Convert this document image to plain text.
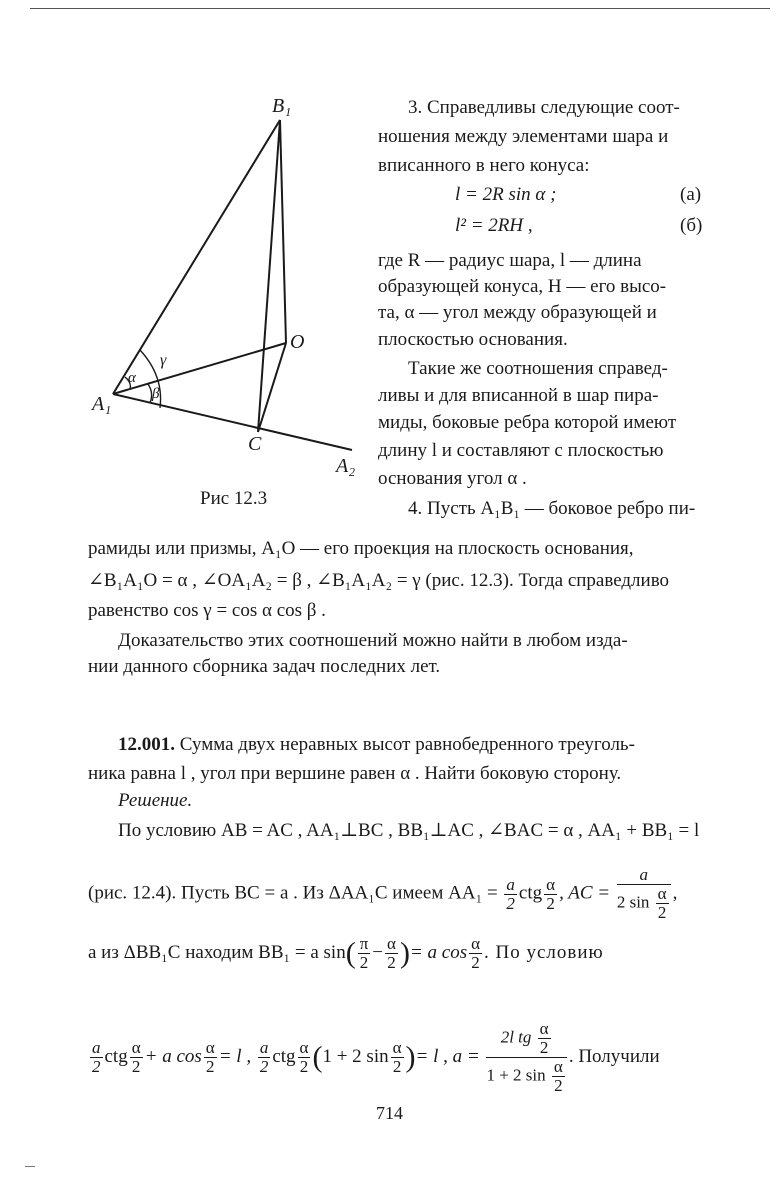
B₁
A₁
O
C
A₂
α
β
γ
Рис 12.3
3. Справедливы следующие соот-
ношения между элементами шара и
вписанного в него конуса:
l = 2R sin α ;	(а)
l² = 2RH ,	(б)
где R — радиус шара, l — длина
образующей конуса, H — его высо-
та, α — угол между образующей и
плоскостью основания.
Такие же соотношения справед-
ливы и для вписанной в шар пира-
миды, боковые ребра которой имеют
длину l и составляют с плоскостью
основания угол α .
4. Пусть A₁B₁ — боковое ребро пи-
рамиды или призмы, A₁O — его проекция на плоскость основания,
∠B₁A₁O = α , ∠OA₁A₂ = β , ∠B₁A₁A₂ = γ (рис. 12.3). Тогда справедливо
равенство cos γ = cos α cos β .
Доказательство этих соотношений можно найти в любом изда-
нии данного сборника задач последних лет.
12.001. Сумма двух неравных высот равнобедренного треуголь-
ника равна l , угол при вершине равен α . Найти боковую сторону.
Решение.
По условию AB = AC , AA₁⊥BC , BB₁⊥AC , ∠BAC = α , AA₁ + BB₁ = l
(рис. 12.4). Пусть BC = a . Из ΔAA₁C имеем $AA_1 = \frac{a}{2}$ ctg $\frac{\alpha}{2}$ , AC = $\frac{a}{2 \sin \frac{\alpha}{2}}$ ,
а из ΔBB₁C находим BB₁ = a $\sin( \frac{\pi}{2} - \frac{\alpha}{2}$ )= a $\cos \frac{\alpha}{2}$ . По условию
$\frac{a}{2}$ ctg $\frac{\alpha}{2} + a$ $\cos \frac{\alpha}{2} = l$ , $\frac{a}{2}$ ctg $\frac{\alpha}{2} (1 + 2$ $\sin \frac{\alpha}{2}$ )= l , $a = \frac{2l tg \frac{\alpha}{2}}{1 + 2 \sin \frac{\alpha}{2}}$ . Получили
714
